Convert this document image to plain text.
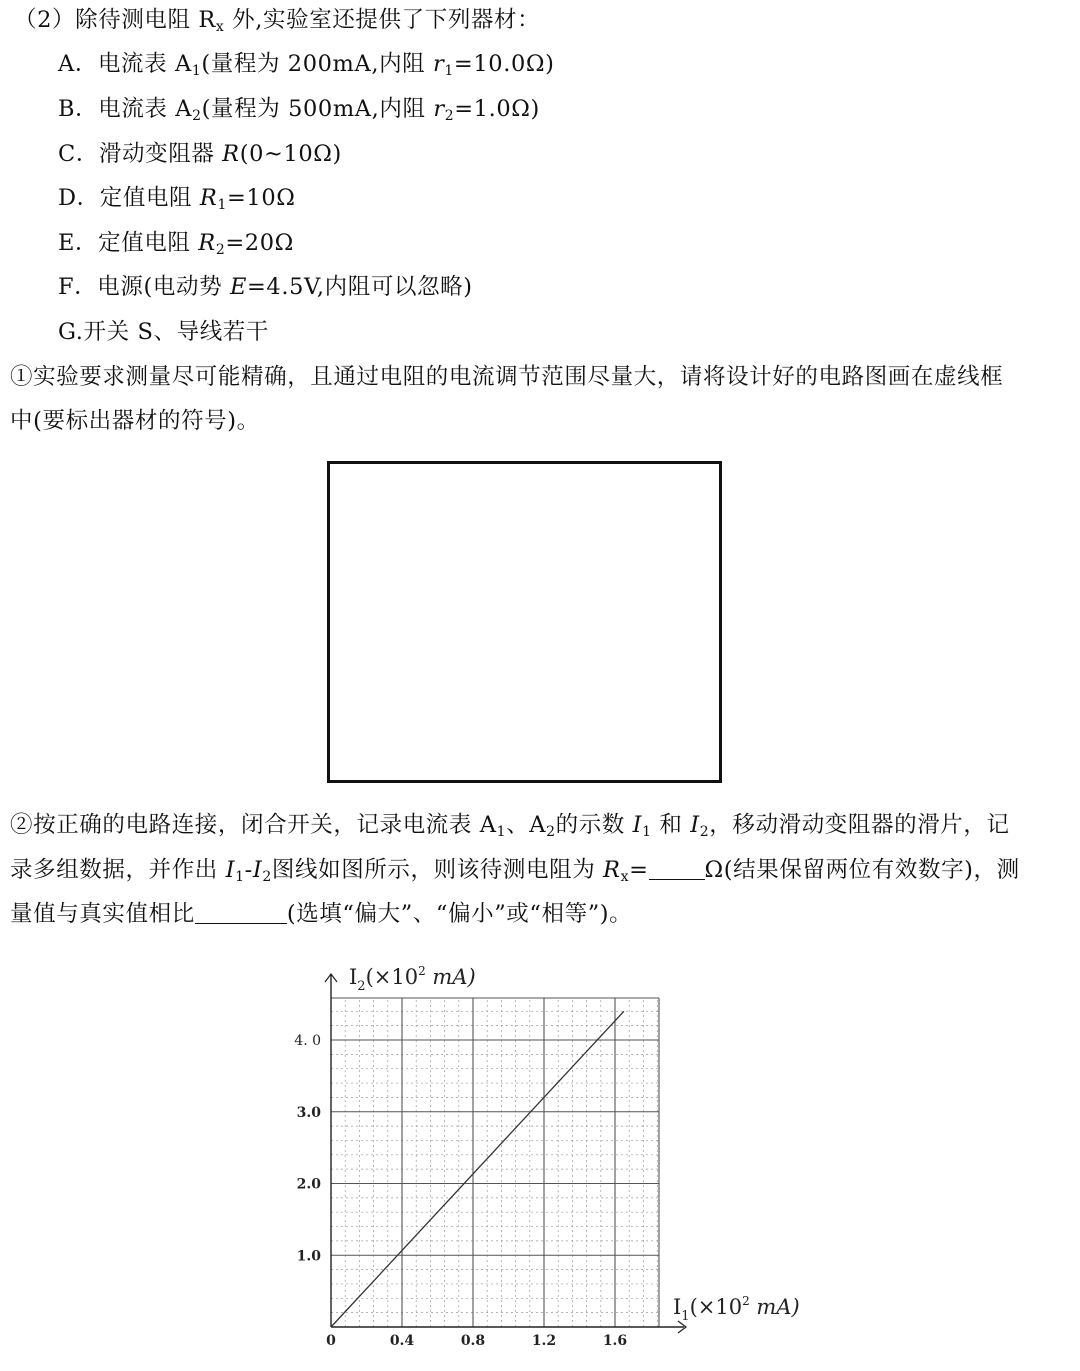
（2）除待测电阻 $R_x$ 外,实验室还提供了下列器材：
A．电流表 $A_1$(量程为 200mA,内阻 $r_1=10.0\Omega$)
B．电流表 $A_2$(量程为 500mA,内阻 $r_2=1.0\Omega$)
C．滑动变阻器 R(0~10Ω)
D．定值电阻 $R_1=10\Omega$
E．定值电阻 $R_2=20\Omega$
F．电源(电动势 E=4.5V,内阻可以忽略)
G.开关 S、导线若干
①实验要求测量尽可能精确，且通过电阻的电流调节范围尽量大，请将设计好的电路图画在虚线框
中(要标出器材的符号)。
②按正确的电路连接，闭合开关，记录电流表 $A_1$、$A_2$的示数 $I_1$ 和 $I_2$，移动滑动变阻器的滑片，记
录多组数据，并作出 $I_1-I_2$图线如图所示，则该待测电阻为 $R_x= \Omega$(结果保留两位有效数字)，测
量值与真实值相比	(选填“偏大”、“偏小”或“相等”)。
0.4	0.8	1.2	1.6
1.0
2.0
3.0
4. 0
$I_2(\times 10^2$ mA)
$I_1(\times 10^2$ mA)
0
